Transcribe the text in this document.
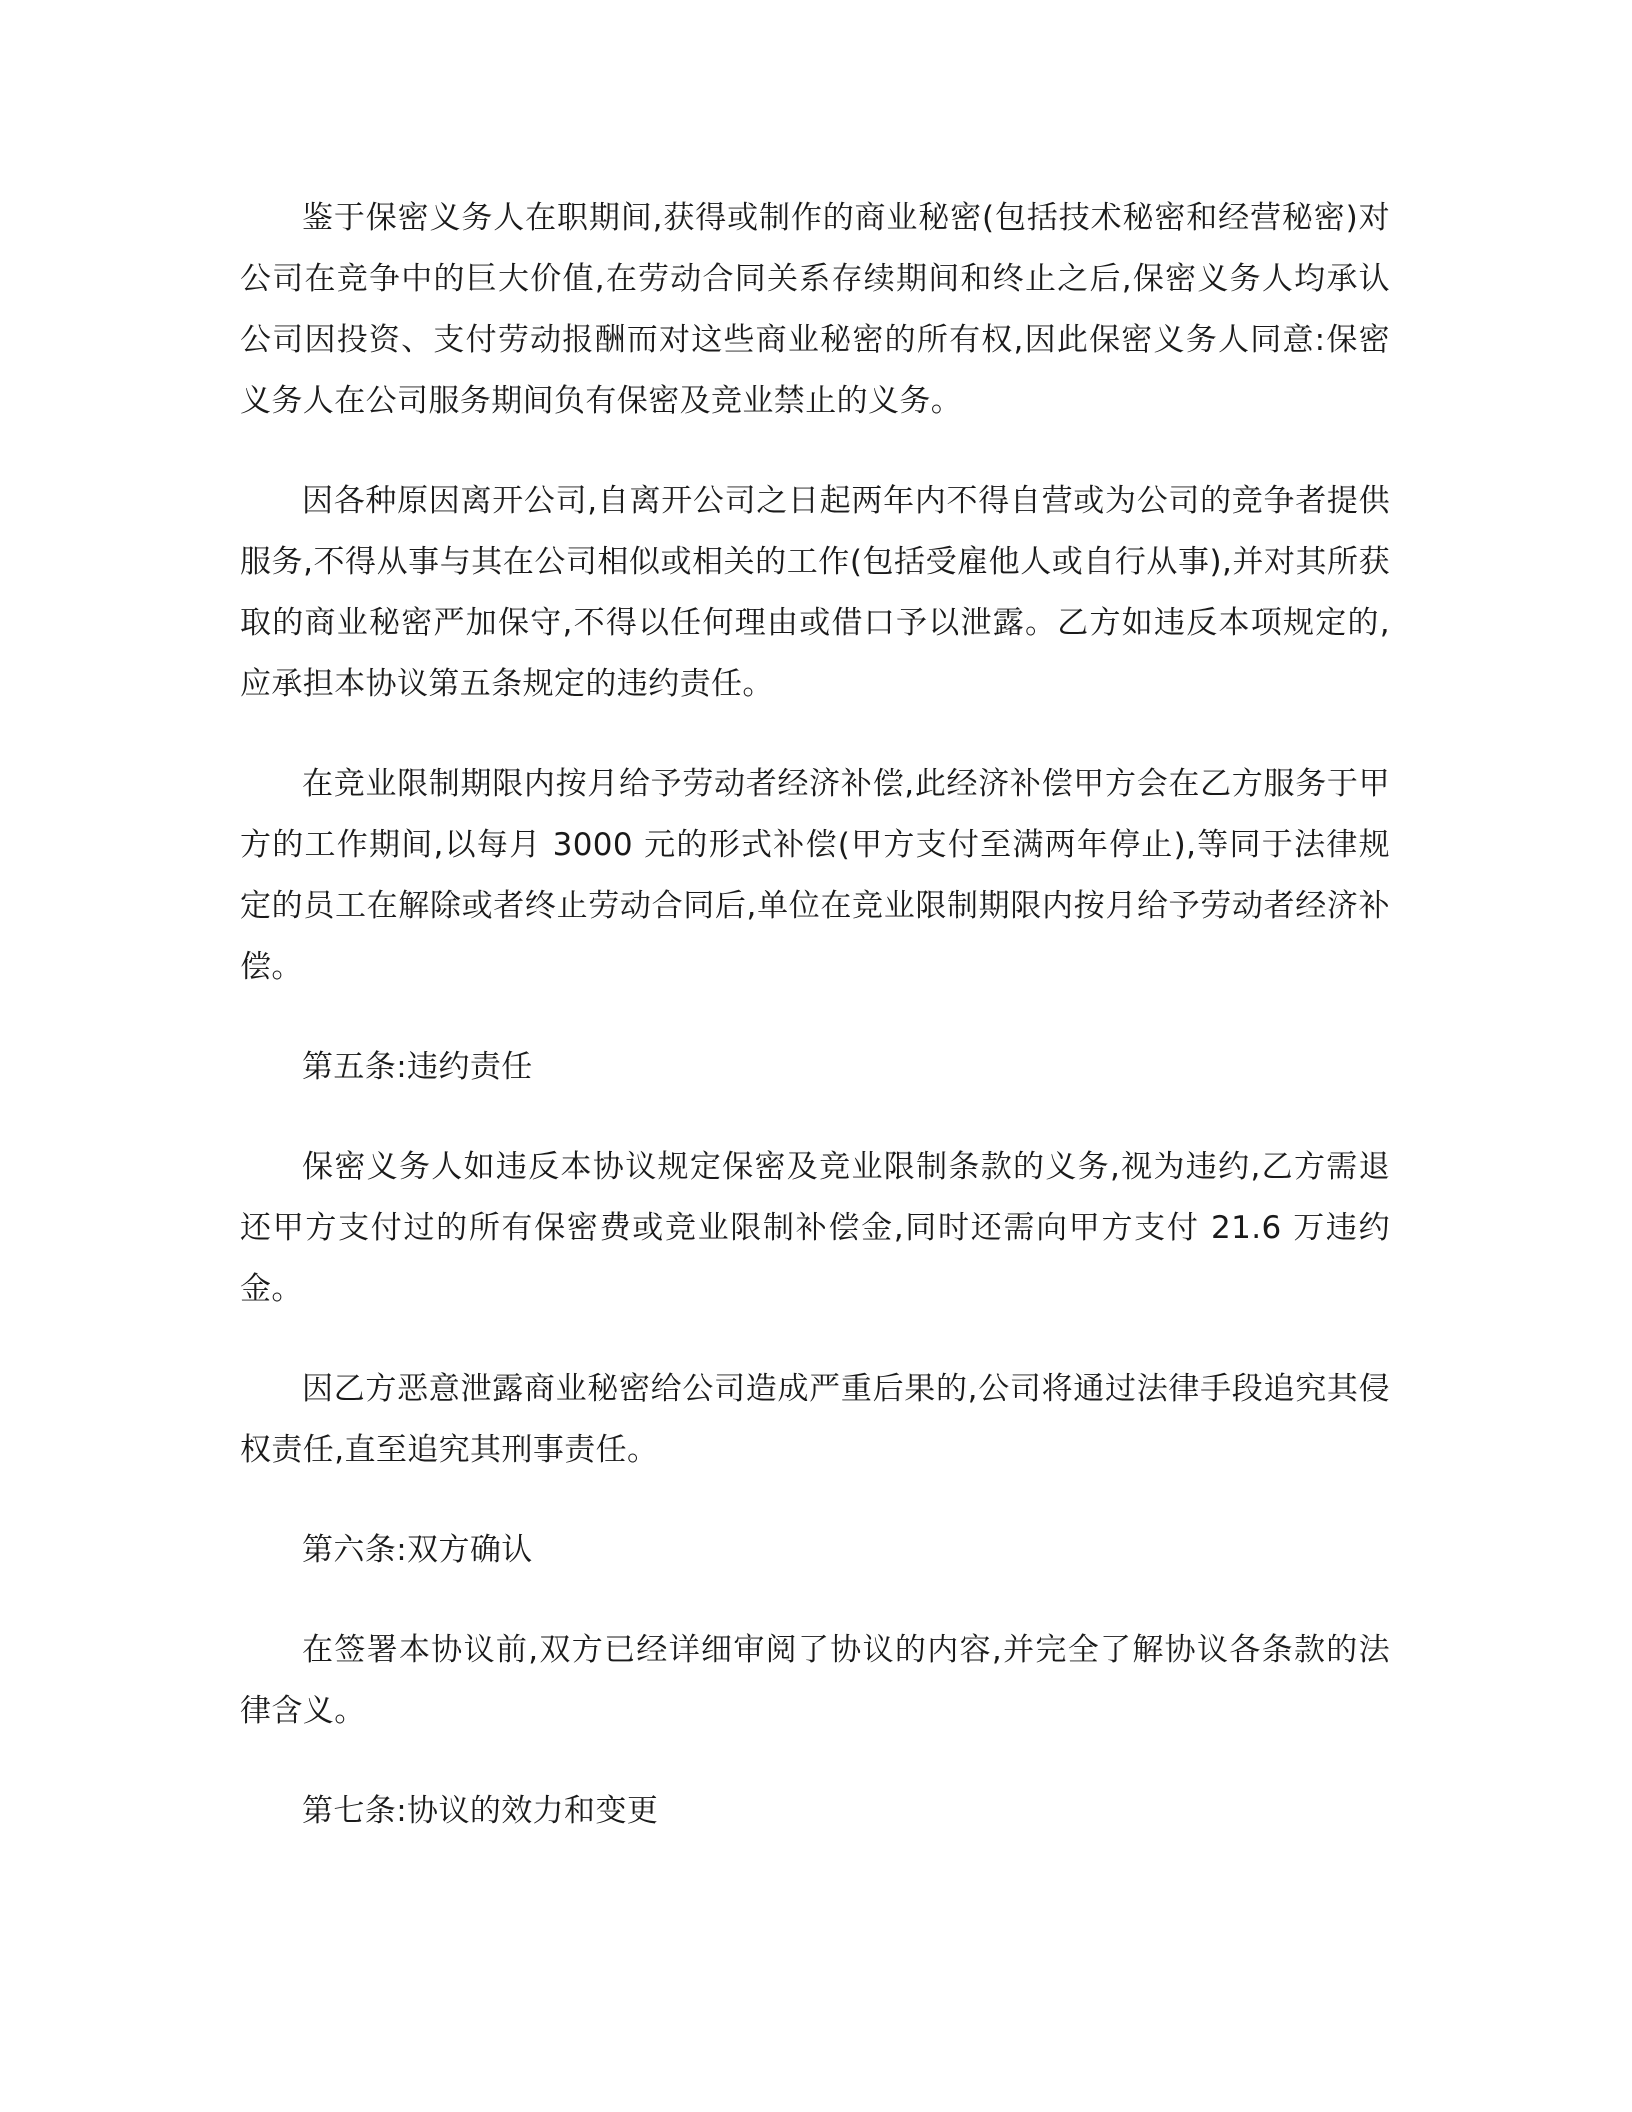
鉴于保密义务人在职期间,获得或制作的商业秘密(包括技术秘密和经营秘密)对公司在竞争中的巨大价值,在劳动合同关系存续期间和终止之后,保密义务人均承认公司因投资、支付劳动报酬而对这些商业秘密的所有权,因此保密义务人同意:保密义务人在公司服务期间负有保密及竞业禁止的义务。

因各种原因离开公司,自离开公司之日起两年内不得自营或为公司的竞争者提供服务,不得从事与其在公司相似或相关的工作(包括受雇他人或自行从事),并对其所获取的商业秘密严加保守,不得以任何理由或借口予以泄露。乙方如违反本项规定的,应承担本协议第五条规定的违约责任。

在竞业限制期限内按月给予劳动者经济补偿,此经济补偿甲方会在乙方服务于甲方的工作期间,以每月 3000 元的形式补偿(甲方支付至满两年停止),等同于法律规定的员工在解除或者终止劳动合同后,单位在竞业限制期限内按月给予劳动者经济补偿。

第五条:违约责任

保密义务人如违反本协议规定保密及竞业限制条款的义务,视为违约,乙方需退还甲方支付过的所有保密费或竞业限制补偿金,同时还需向甲方支付 21.6 万违约金。

因乙方恶意泄露商业秘密给公司造成严重后果的,公司将通过法律手段追究其侵权责任,直至追究其刑事责任。

第六条:双方确认

在签署本协议前,双方已经详细审阅了协议的内容,并完全了解协议各条款的法律含义。

第七条:协议的效力和变更
